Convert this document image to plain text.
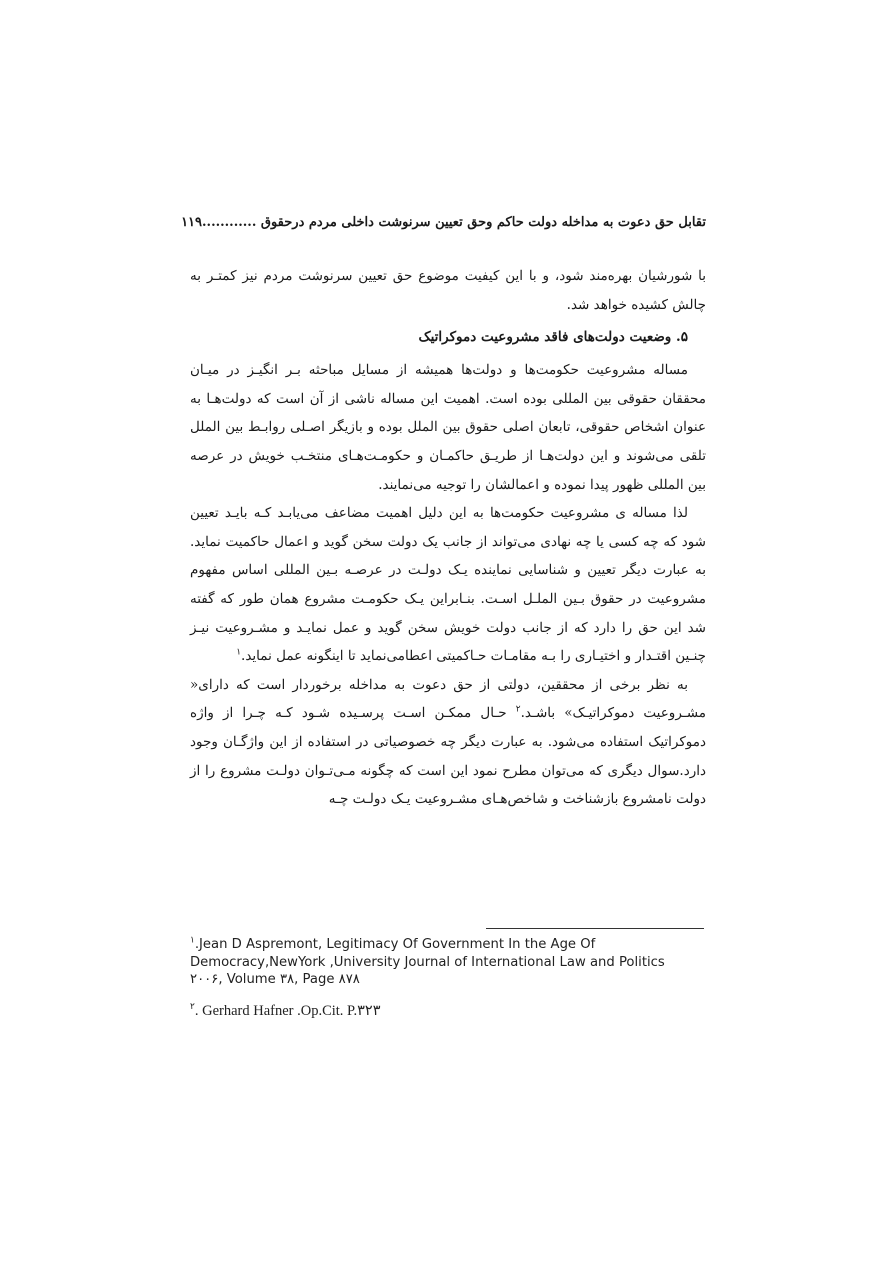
تقابل حق دعوت به مداخله دولت حاکم وحق تعیین سرنوشت داخلی مردم درحقوق ............۱۱۹

با شورشیان بهره‌مند شود، و با این کیفیت موضوع حق تعیین سرنوشت مردم نیز کمتـر به چالش کشیده خواهد شد.

۵. وضعیت دولت‌های فاقد مشروعیت دموکراتیک

مساله مشروعیت حکومت‌ها و دولت‌ها همیشه از مسایل مباحثه بـر انگیـز در میـان محققان حقوقی بین المللی بوده است. اهمیت این مساله ناشی از آن است که دولت‌هـا به عنوان اشخاص حقوقی، تابعان اصلی حقوق بین الملل بوده و بازیگر اصـلی روابـط بین الملل تلقی می‌شوند و این دولت‌هـا از طریـق حاکمـان و حکومـت‌هـای منتخـب خویش در عرصه بین المللی ظهور پیدا نموده و اعمالشان را توجیه می‌نمایند.

لذا مساله ی مشروعیت حکومت‌ها به این دلیل اهمیت مضاعف می‌یابـد کـه بایـد تعیین شود که چه کسی یا چه نهادی می‌تواند از جانب یک دولت سخن گوید و اعمال حاکمیت نماید. به عبارت دیگر تعیین و شناسایی نماینده یـک دولـت در عرصـه بـین المللی اساس مفهوم مشروعیت در حقوق بـین الملـل اسـت. بنـابراین یـک حکومـت مشروع همان طور که گفته شد این حق را دارد که از جانب دولت خویش سخن گوید و عمل نمایـد و مشـروعیت نیـز چنـین اقتـدار و اختیـاری را بـه مقامـات حـاکمیتی اعطامی‌نماید تا اینگونه عمل نماید.$^۱$

به نظر برخی از محققین، دولتی از حق دعوت به مداخله برخوردار است که دارای« مشـروعیت دموکراتیـک» باشـد.$^۲$ حـال ممکـن اسـت پرسـیده شـود کـه چـرا از واژه دموکراتیک استفاده می‌شود. به عبارت دیگر چه خصوصیاتی در استفاده از این واژگـان وجود دارد.سوال دیگری که می‌توان مطرح نمود این است که چگونه مـی‌تـوان دولـت مشروع را از دولت نامشروع بازشناخت و شاخص‌هـای مشـروعیت یـک دولـت چـه

$^۱$.Jean D Aspremont, Legitimacy Of Government In the Age Of
Democracy,NewYork ,University Journal of International Law and Politics
۲۰۰۶, Volume ۳۸, Page ۸۷۸

$^۲$. Gerhard Hafner .Op.Cit. P.۳۲۳
